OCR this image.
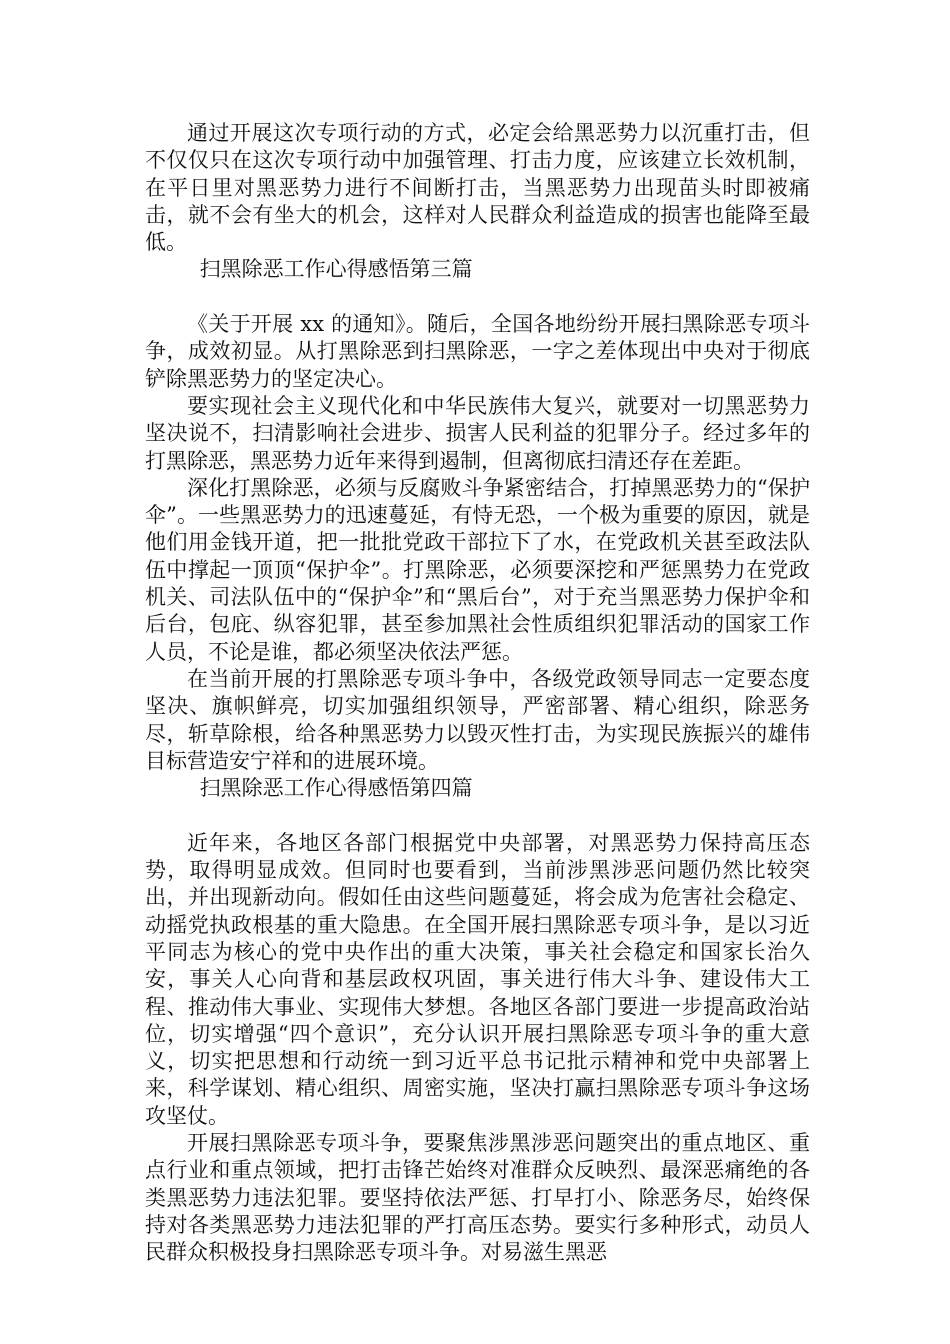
通过开展这次专项行动的方式，必定会给黑恶势力以沉重打击，但不仅仅只在这次专项行动中加强管理、打击力度，应该建立长效机制，在平日里对黑恶势力进行不间断打击，当黑恶势力出现苗头时即被痛击，就不会有坐大的机会，这样对人民群众利益造成的损害也能降至最低。

扫黑除恶工作心得感悟第三篇

《关于开展 xx 的通知》。随后，全国各地纷纷开展扫黑除恶专项斗争，成效初显。从打黑除恶到扫黑除恶，一字之差体现出中央对于彻底铲除黑恶势力的坚定决心。

要实现社会主义现代化和中华民族伟大复兴，就要对一切黑恶势力坚决说不，扫清影响社会进步、损害人民利益的犯罪分子。经过多年的打黑除恶，黑恶势力近年来得到遏制，但离彻底扫清还存在差距。

深化打黑除恶，必须与反腐败斗争紧密结合，打掉黑恶势力的“保护伞”。一些黑恶势力的迅速蔓延，有恃无恐，一个极为重要的原因，就是他们用金钱开道，把一批批党政干部拉下了水，在党政机关甚至政法队伍中撑起一顶顶“保护伞”。打黑除恶，必须要深挖和严惩黑势力在党政机关、司法队伍中的“保护伞”和“黑后台”，对于充当黑恶势力保护伞和后台，包庇、纵容犯罪，甚至参加黑社会性质组织犯罪活动的国家工作人员，不论是谁，都必须坚决依法严惩。

在当前开展的打黑除恶专项斗争中，各级党政领导同志一定要态度坚决、旗帜鲜亮，切实加强组织领导，严密部署、精心组织，除恶务尽，斩草除根，给各种黑恶势力以毁灭性打击，为实现民族振兴的雄伟目标营造安宁祥和的进展环境。

扫黑除恶工作心得感悟第四篇

近年来，各地区各部门根据党中央部署，对黑恶势力保持高压态势，取得明显成效。但同时也要看到，当前涉黑涉恶问题仍然比较突出，并出现新动向。假如任由这些问题蔓延，将会成为危害社会稳定、动摇党执政根基的重大隐患。在全国开展扫黑除恶专项斗争，是以习近平同志为核心的党中央作出的重大决策，事关社会稳定和国家长治久安，事关人心向背和基层政权巩固，事关进行伟大斗争、建设伟大工程、推动伟大事业、实现伟大梦想。各地区各部门要进一步提高政治站位，切实增强“四个意识”，充分认识开展扫黑除恶专项斗争的重大意义，切实把思想和行动统一到习近平总书记批示精神和党中央部署上来，科学谋划、精心组织、周密实施，坚决打赢扫黑除恶专项斗争这场攻坚仗。

开展扫黑除恶专项斗争，要聚焦涉黑涉恶问题突出的重点地区、重点行业和重点领域，把打击锋芒始终对准群众反映烈、最深恶痛绝的各类黑恶势力违法犯罪。要坚持依法严惩、打早打小、除恶务尽，始终保持对各类黑恶势力违法犯罪的严打高压态势。要实行多种形式，动员人民群众积极投身扫黑除恶专项斗争。对易滋生黑恶
